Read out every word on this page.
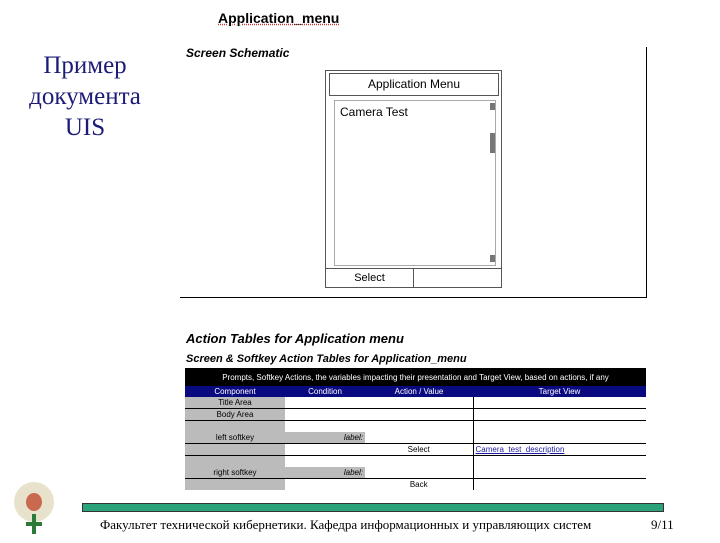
Пример
документа
UIS
Application_menu
Screen Schematic
Application Menu
Camera Test
Select
Action Tables for Application menu
Screen & Softkey Action Tables for Application_menu
Prompts, Softkey Actions, the variables impacting their presentation and Target View, based on actions, if any			
Component	Condition	Action / Value	Target View
Title Area			
Body Area			

left softkey	label:		
		Select	Camera_test_description

right softkey	label:		
		Back	
Факультет технической кибернетики. Кафедра информационных и управляющих систем	9/11
